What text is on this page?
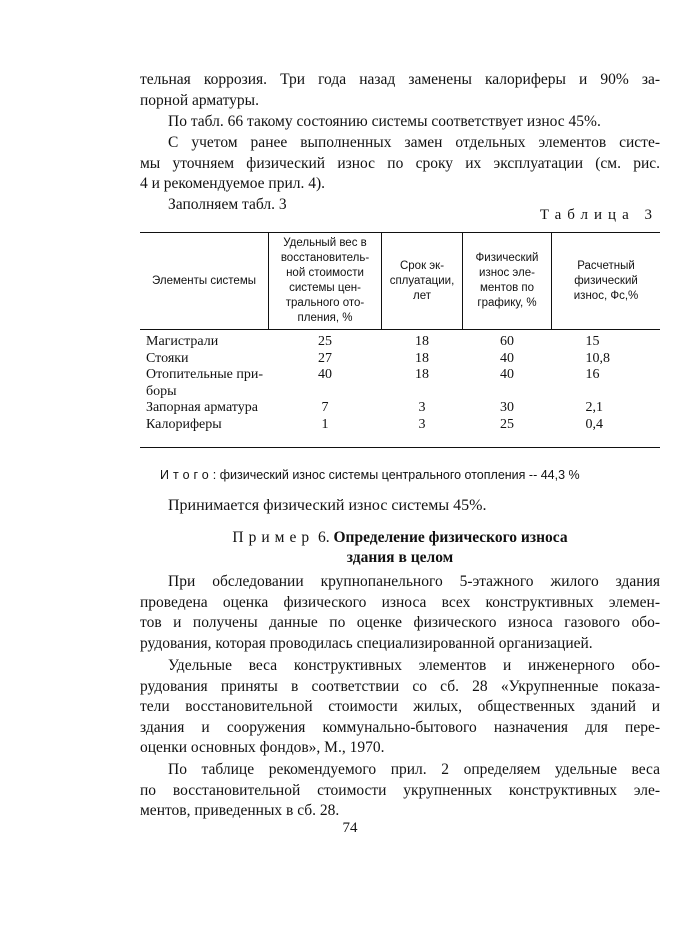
тельная коррозия. Три года назад заменены калориферы и 90% за-
порной арматуры.
По табл. 66 такому состоянию системы соответствует износ 45%.
С учетом ранее выполненных замен отдельных элементов систе-
мы уточняем физический износ по сроку их эксплуатации (см. рис.
4 и рекомендуемое прил. 4).
Заполняем табл. 3
Таблица 3
Элементы системы	Удельный вес в восстановитель-ной стоимости системы цен-трального ото-пления, %	Срок эк-сплуатации, лет	Физический износ эле-ментов по графику, %	Расчетный физический износ, Фс,%
Магистрали	25	18	60	15
Стояки	27	18	40	10,8
Отопительные при-боры	40	18	40	16
Запорная арматура	7	3	30	2,1
Калориферы	1	3	25	0,4
Итого: физический износ системы центрального отопления -- 44,3 %
Принимается физический износ системы 45%.
Пример 6. Определение физического износа
здания в целом
При обследовании крупнопанельного 5-этажного жилого здания
проведена оценка физического износа всех конструктивных элемен-
тов и получены данные по оценке физического износа газового обо-
рудования, которая проводилась специализированной организацией.
Удельные веса конструктивных элементов и инженерного обо-
рудования приняты в соответствии со сб. 28 «Укрупненные показа-
тели восстановительной стоимости жилых, общественных зданий и
здания и сооружения коммунально-бытового назначения для пере-
оценки основных фондов», М., 1970.
По таблице рекомендуемого прил. 2 определяем удельные веса
по восстановительной стоимости укрупненных конструктивных эле-
ментов, приведенных в сб. 28.
74
